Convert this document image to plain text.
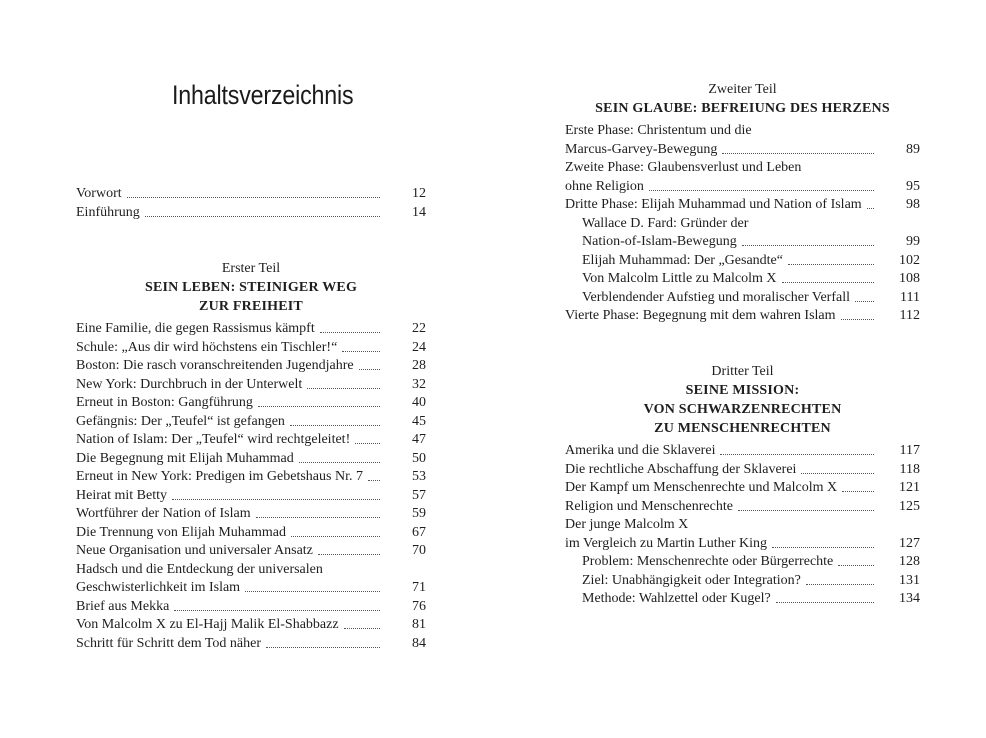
Inhaltsverzeichnis
Vorwort	12
Einführung	14
Erster Teil
SEIN LEBEN: STEINIGER WEG
ZUR FREIHEIT
Eine Familie, die gegen Rassismus kämpft	22
Schule: „Aus dir wird höchstens ein Tischler!“	24
Boston: Die rasch voranschreitenden Jugendjahre	28
New York: Durchbruch in der Unterwelt	32
Erneut in Boston: Gangführung	40
Gefängnis: Der „Teufel“ ist gefangen	45
Nation of Islam: Der „Teufel“ wird rechtgeleitet!	47
Die Begegnung mit Elijah Muhammad	50
Erneut in New York: Predigen im Gebetshaus Nr. 7	53
Heirat mit Betty	57
Wortführer der Nation of Islam	59
Die Trennung von Elijah Muhammad	67
Neue Organisation und universaler Ansatz	70
Hadsch und die Entdeckung der universalen
Geschwisterlichkeit im Islam	71
Brief aus Mekka	76
Von Malcolm X zu El-Hajj Malik El-Shabbazz	81
Schritt für Schritt dem Tod näher	84
Zweiter Teil
SEIN GLAUBE: BEFREIUNG DES HERZENS
Erste Phase: Christentum und die
Marcus-Garvey-Bewegung	89
Zweite Phase: Glaubensverlust und Leben
ohne Religion	95
Dritte Phase: Elijah Muhammad und Nation of Islam	98
Wallace D. Fard: Gründer der
Nation-of-Islam-Bewegung	99
Elijah Muhammad: Der „Gesandte“	102
Von Malcolm Little zu Malcolm X	108
Verblendender Aufstieg und moralischer Verfall	111
Vierte Phase: Begegnung mit dem wahren Islam	112
Dritter Teil
SEINE MISSION:
VON SCHWARZENRECHTEN
ZU MENSCHENRECHTEN
Amerika und die Sklaverei	117
Die rechtliche Abschaffung der Sklaverei	118
Der Kampf um Menschenrechte und Malcolm X	121
Religion und Menschenrechte	125
Der junge Malcolm X
im Vergleich zu Martin Luther King	127
Problem: Menschenrechte oder Bürgerrechte	128
Ziel: Unabhängigkeit oder Integration?	131
Methode: Wahlzettel oder Kugel?	134
